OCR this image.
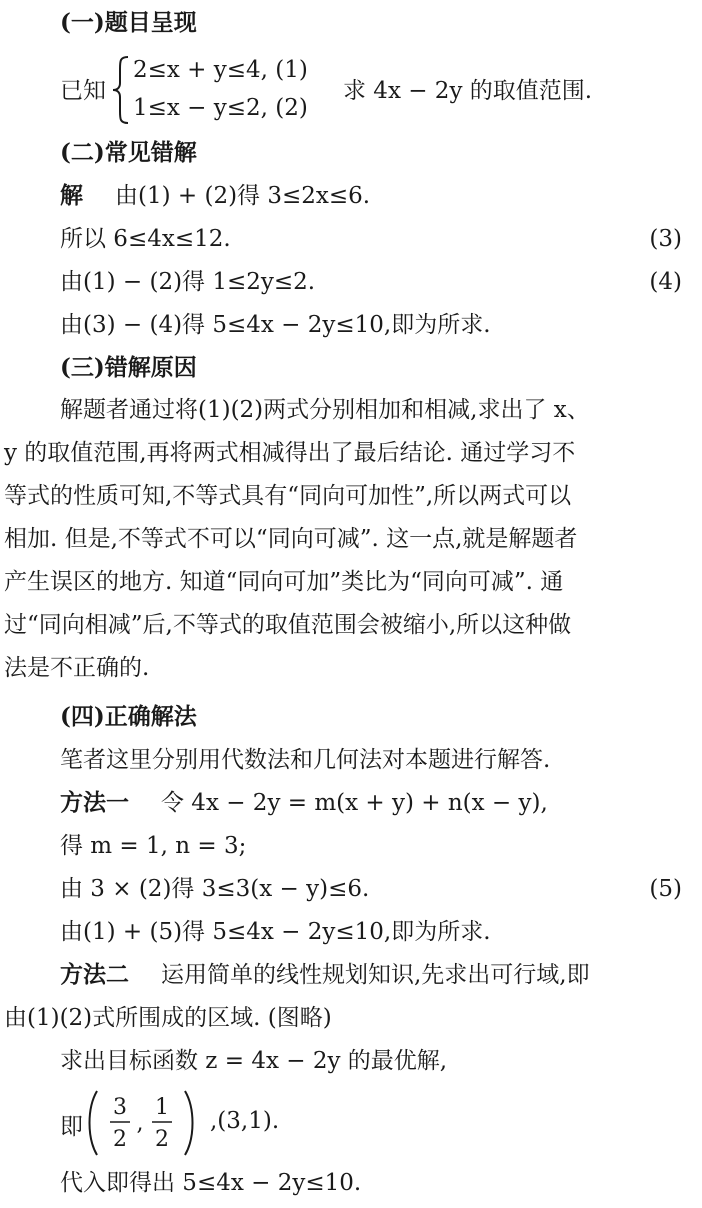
(一)题目呈现
已知
2≤x + y≤4, (1)
1≤x − y≤2, (2)
求 4x − 2y 的取值范围.
(二)常见错解
解 由(1) + (2)得 3≤2x≤6.
所以 6≤4x≤12.	(3)
由(1) − (2)得 1≤2y≤2.	(4)
由(3) − (4)得 5≤4x − 2y≤10,即为所求.
(三)错解原因
解题者通过将(1)(2)两式分别相加和相减,求出了 x、
y 的取值范围,再将两式相减得出了最后结论. 通过学习不
等式的性质可知,不等式具有“同向可加性”,所以两式可以
相加. 但是,不等式不可以“同向可减”. 这一点,就是解题者
产生误区的地方. 知道“同向可加”类比为“同向可减”. 通
过“同向相减”后,不等式的取值范围会被缩小,所以这种做
法是不正确的.
(四)正确解法
笔者这里分别用代数法和几何法对本题进行解答.
方法一 令 4x − 2y = m(x + y) + n(x − y),
得 m = 1, n = 3;
由 3 × (2)得 3≤3(x − y)≤6.	(5)
由(1) + (5)得 5≤4x − 2y≤10,即为所求.
方法二 运用简单的线性规划知识,先求出可行域,即
由(1)(2)式所围成的区域. (图略)
求出目标函数 z = 4x − 2y 的最优解,
即
3
2
,
1
2
,(3,1).
代入即得出 5≤4x − 2y≤10.
